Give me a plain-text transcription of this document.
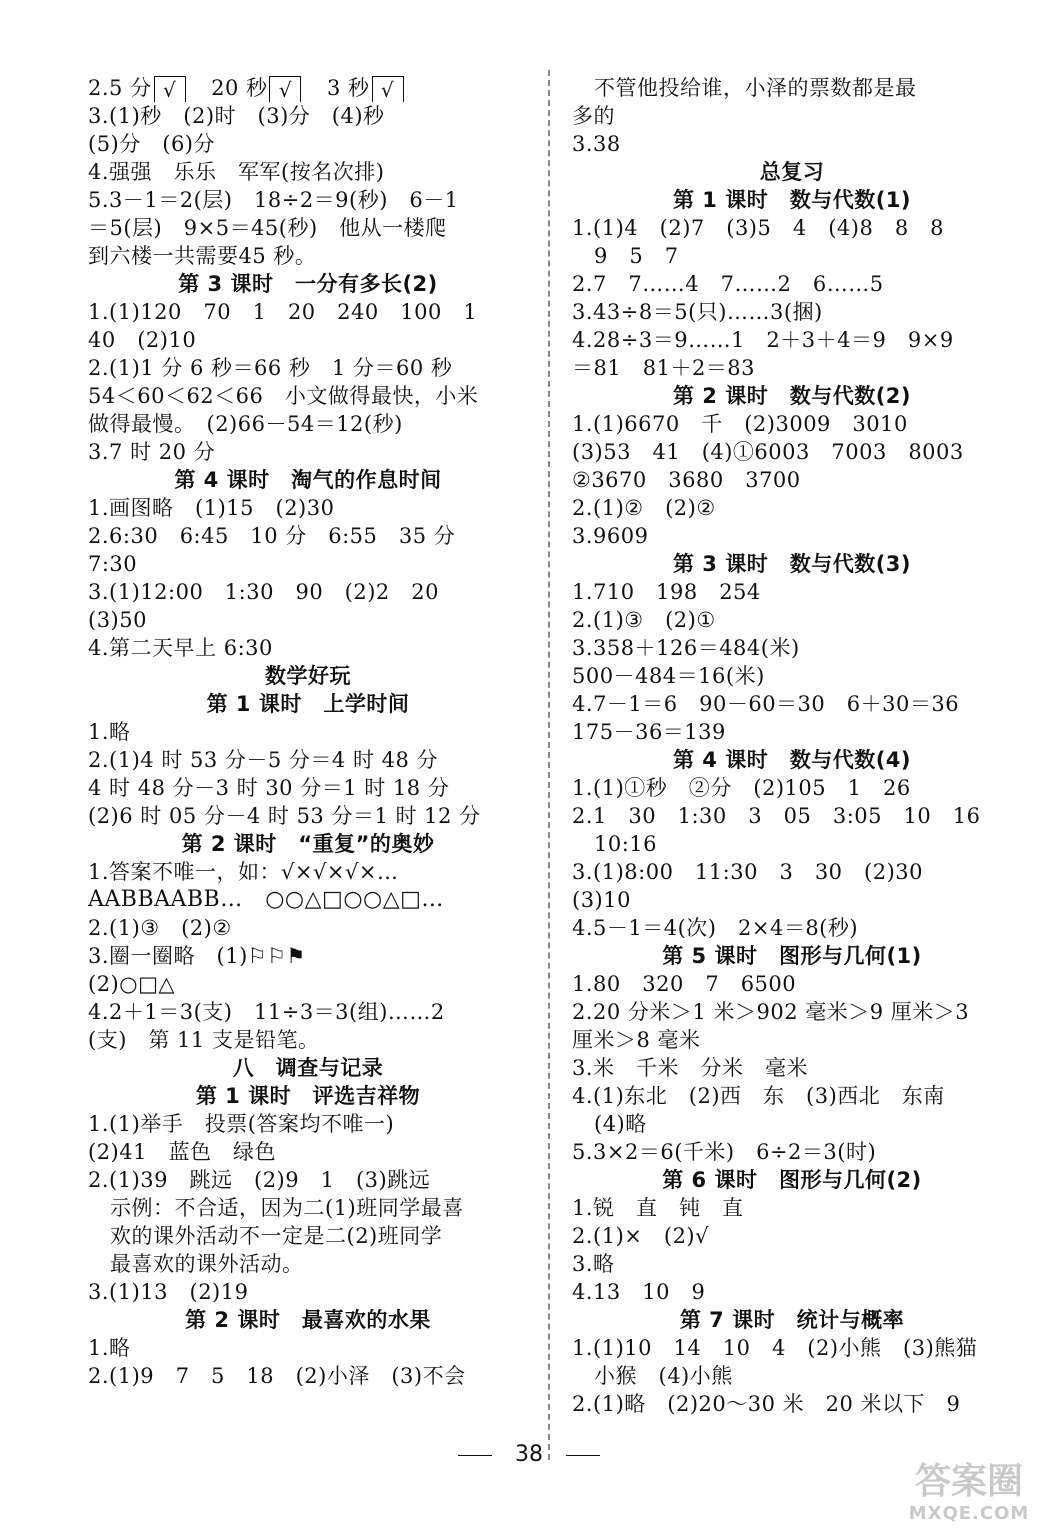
2.5 分 √  20 秒 √  3 秒 √
3.(1)秒　(2)时　(3)分　(4)秒
(5)分　(6)分
4.强强　乐乐　军军(按名次排)
5.3－1＝2(层)　18÷2＝9(秒)　6－1
＝5(层)　9×5＝45(秒)　他从一楼爬
到六楼一共需要45 秒。
第 3 课时　一分有多长(2)
1.(1)120　70　1　20　240　100　1
40　(2)10
2.(1)1 分 6 秒＝66 秒　1 分＝60 秒
54＜60＜62＜66　小文做得最快，小米
做得最慢。　(2)66－54＝12(秒)
3.7 时 20 分
第 4 课时　淘气的作息时间
1.画图略　(1)15　(2)30
2.6:30　6:45　10 分　6:55　35 分
7:30
3.(1)12:00　1:30　90　(2)2　20
(3)50
4.第二天早上 6:30
数学好玩
第 1 课时　上学时间
1.略
2.(1)4 时 53 分－5 分＝4 时 48 分
4 时 48 分－3 时 30 分＝1 时 18 分
(2)6 时 05 分－4 时 53 分＝1 时 12 分
第 2 课时　“重复”的奥妙
1.答案不唯一，如：√×√×√×…
AABBAABB…　○○△□○○△□…
2.(1)③　(2)②
3.圈一圈略　(1)⚐⚐⚑
(2)○□△
4.2＋1＝3(支)　11÷3＝3(组)……2
(支)　第 11 支是铅笔。
八　调查与记录
第 1 课时　评选吉祥物
1.(1)举手　投票(答案均不唯一)
(2)41　蓝色　绿色
2.(1)39　跳远　(2)9　1　(3)跳远
示例：不合适，因为二(1)班同学最喜
欢的课外活动不一定是二(2)班同学
最喜欢的课外活动。
3.(1)13　(2)19
第 2 课时　最喜欢的水果
1.略
2.(1)9　7　5　18　(2)小泽　(3)不会
不管他投给谁，小泽的票数都是最
多的
3.38
总复习
第 1 课时　数与代数(1)
1.(1)4　(2)7　(3)5　4　(4)8　8　8
9　5　7
2.7　7……4　7……2　6……5
3.43÷8＝5(只)……3(捆)
4.28÷3＝9……1　2＋3＋4＝9　9×9
＝81　81＋2＝83
第 2 课时　数与代数(2)
1.(1)6670　千　(2)3009　3010
(3)53　41　(4)①6003　7003　8003
②3670　3680　3700
2.(1)②　(2)②
3.9609
第 3 课时　数与代数(3)
1.710　198　254
2.(1)③　(2)①
3.358＋126＝484(米)
500－484＝16(米)
4.7－1＝6　90－60＝30　6＋30＝36
175－36＝139
第 4 课时　数与代数(4)
1.(1)①秒　②分　(2)105　1　26
2.1　30　1:30　3　05　3:05　10　16
10:16
3.(1)8:00　11:30　3　30　(2)30
(3)10
4.5－1＝4(次)　2×4＝8(秒)
第 5 课时　图形与几何(1)
1.80　320　7　6500
2.20 分米＞1 米＞902 毫米＞9 厘米＞3
厘米＞8 毫米
3.米　千米　分米　毫米
4.(1)东北　(2)西　东　(3)西北　东南
(4)略
5.3×2＝6(千米)　6÷2＝3(时)
第 6 课时　图形与几何(2)
1.锐　直　钝　直
2.(1)×　(2)√
3.略
4.13　10　9
第 7 课时　统计与概率
1.(1)10　14　10　4　(2)小熊　(3)熊猫
小猴　(4)小熊
2.(1)略　(2)20～30 米　20 米以下　9
38
答案圈
MXQE.COM
